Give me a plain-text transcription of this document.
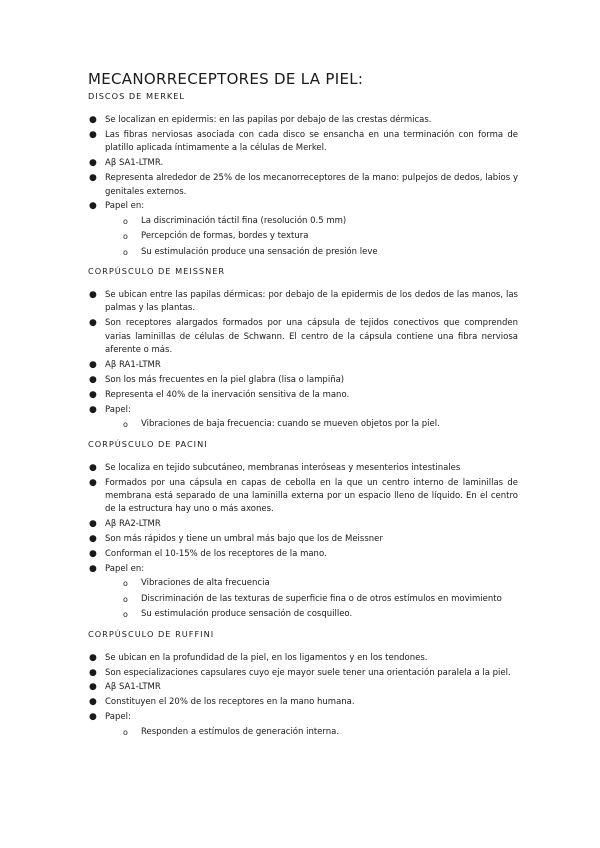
MECANORRECEPTORES DE LA PIEL:
DISCOS DE MERKEL
● Se localizan en epidermis: en las papilas por debajo de las crestas dérmicas.
● Las fibras nerviosas asociada con cada disco se ensancha en una terminación con forma de platillo aplicada íntimamente a la células de Merkel.
● Aβ SA1-LTMR.
● Representa alrededor de 25% de los mecanorreceptores de la mano: pulpejos de dedos, labios y genitales externos.
● Papel en:
o La discriminación táctil fina (resolución 0.5 mm)
o Percepción de formas, bordes y textura
o Su estimulación produce una sensación de presión leve
CORPÚSCULO DE MEISSNER
● Se ubican entre las papilas dérmicas: por debajo de la epidermis de los dedos de las manos, las palmas y las plantas.
● Son receptores alargados formados por una cápsula de tejidos conectivos que comprenden varias laminillas de células de Schwann. El centro de la cápsula contiene una fibra nerviosa aferente o más.
● Aβ RA1-LTMR
● Son los más frecuentes en la piel glabra (lisa o lampiña)
● Representa el 40% de la inervación sensitiva de la mano.
● Papel:
o Vibraciones de baja frecuencia: cuando se mueven objetos por la piel.
CORPÚSCULO DE PACINI
● Se localiza en tejido subcutáneo, membranas interóseas y mesenterios intestinales
● Formados por una cápsula en capas de cebolla en la que un centro interno de laminillas de membrana está separado de una laminilla externa por un espacio lleno de líquido. En el centro de la estructura hay uno o más axones.
● Aβ RA2-LTMR
● Son más rápidos y tiene un umbral más bajo que los de Meissner
● Conforman el 10-15% de los receptores de la mano.
● Papel en:
o Vibraciones de alta frecuencia
o Discriminación de las texturas de superficie fina o de otros estímulos en movimiento
o Su estimulación produce sensación de cosquilleo.
CORPÚSCULO DE RUFFINI
● Se ubican en la profundidad de la piel, en los ligamentos y en los tendones.
● Son especializaciones capsulares cuyo eje mayor suele tener una orientación paralela a la piel.
● Aβ SA1-LTMR
● Constituyen el 20% de los receptores en la mano humana.
● Papel:
o Responden a estímulos de generación interna.
